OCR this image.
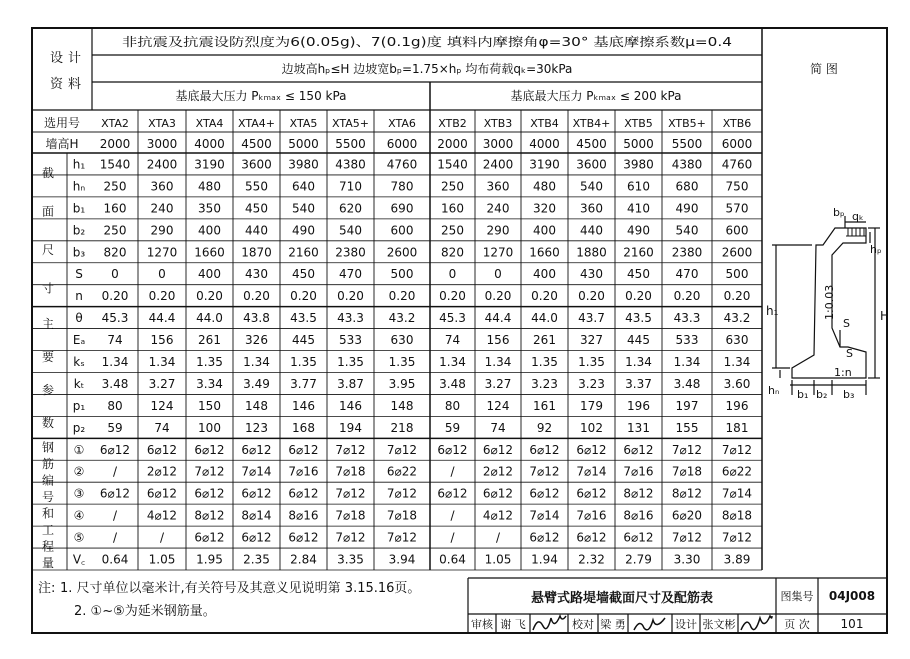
设 计
资 料
非抗震及抗震设防烈度为6(0.05g)、7(0.1g)度 填料内摩擦角φ=30° 基底摩擦系数μ=0.4
边坡高hₚ≤H 边坡宽bₚ=1.75×hₚ 均布荷载qₖ=30kPa
基底最大压力 Pₖₘₐₓ ≤ 150 kPa	基底最大压力 Pₖₘₐₓ ≤ 200 kPa
简 图
XTA2 XTA3 XTA4 XTA4+ XTA5 XTA5+ XTA6 XTB2 XTB3 XTB4 XTB4+ XTB5 XTB5+ XTB6
选用号
墙高H 2000 3000 4000 4500 5000 5500 6000 2000 3000 4000 4500 5000 5500 6000
h₁ 1540 2400 3190 3600 3980 4380 4760 1540 2400 3190 3600 3980 4380 4760
hₙ 250 360 480 550 640 710 780 250 360 480 540 610 680 750
b₁ 160 240 350 450 540 620 690 160 240 320 360 410 490 570
b₂ 250 290 400 440 490 540 600 250 290 400 440 490 540 600
b₃ 820 1270 1660 1870 2160 2380 2600 820 1270 1660 1880 2160 2380 2600
S 0	0	400 430 450 470 500	0	0	400 430 450 470 500
n 0.20 0.20 0.20 0.20 0.20 0.20 0.20 0.20 0.20 0.20 0.20 0.20 0.20 0.20
截
面
尺
寸
θ 45.3 44.4 44.0 43.8 43.5 43.3 43.2 45.3 44.4 44.0 43.7 43.5 43.3 43.2
Eₐ 74 156 261 326 445 533 630	74 156 261 327 445 533 630
kₛ 1.34 1.34 1.35 1.34 1.35 1.35 1.35 1.34 1.34 1.35 1.35 1.34 1.34 1.34
kₜ 3.48 3.27 3.34 3.49 3.77 3.87 3.95 3.48 3.27 3.23 3.23 3.37 3.48 3.60
p₁ 80 124 150 148 146 146 148	80 124 161 179 196 197 196
p₂ 59	74 100 123 168 194 218	59	74	92 102 131 155 181
主
要
参
数
① 6⌀12 6⌀12 6⌀12 6⌀12 6⌀12 7⌀12 7⌀12 6⌀12 6⌀12 6⌀12 6⌀12 6⌀12 7⌀12 7⌀12
② / 2⌀12 7⌀12 7⌀14 7⌀16 7⌀18 6⌀22	/ 2⌀12 7⌀12 7⌀14 7⌀16 7⌀18 6⌀22
③ 6⌀12 6⌀12 6⌀12 6⌀12 6⌀12 7⌀12 7⌀12 6⌀12 6⌀12 6⌀12 6⌀12 8⌀12 8⌀12 7⌀14
④ / 4⌀12 8⌀12 8⌀14 8⌀16 7⌀18 7⌀18	/ 4⌀12 7⌀14 7⌀16 8⌀16 6⌀20 8⌀18
⑤ /	/	6⌀12 6⌀12 6⌀12 7⌀12 7⌀12	/	/ 6⌀12 6⌀12 6⌀12 7⌀12 7⌀12
V꜀ 0.64 1.05 1.95 2.35 2.84 3.35 3.94 0.64 1.05 1.94 2.32 2.79 3.30 3.89
钢
筋
编
号
和
工
程
量
bₚ qₖ
hₚ
h₁	H
1:0.03
S
S
1:n
hₙ b₁ b₂ b₃
注: 1. 尺寸单位以毫米计,有关符号及其意义见说明第 3.15.16页。
2. ①~⑤为延米钢筋量。
悬臂式路堤墙截面尺寸及配筋表	图集号 04J008
审核 谢 飞	校对 梁 勇	设计 张文彬	页 次	101
